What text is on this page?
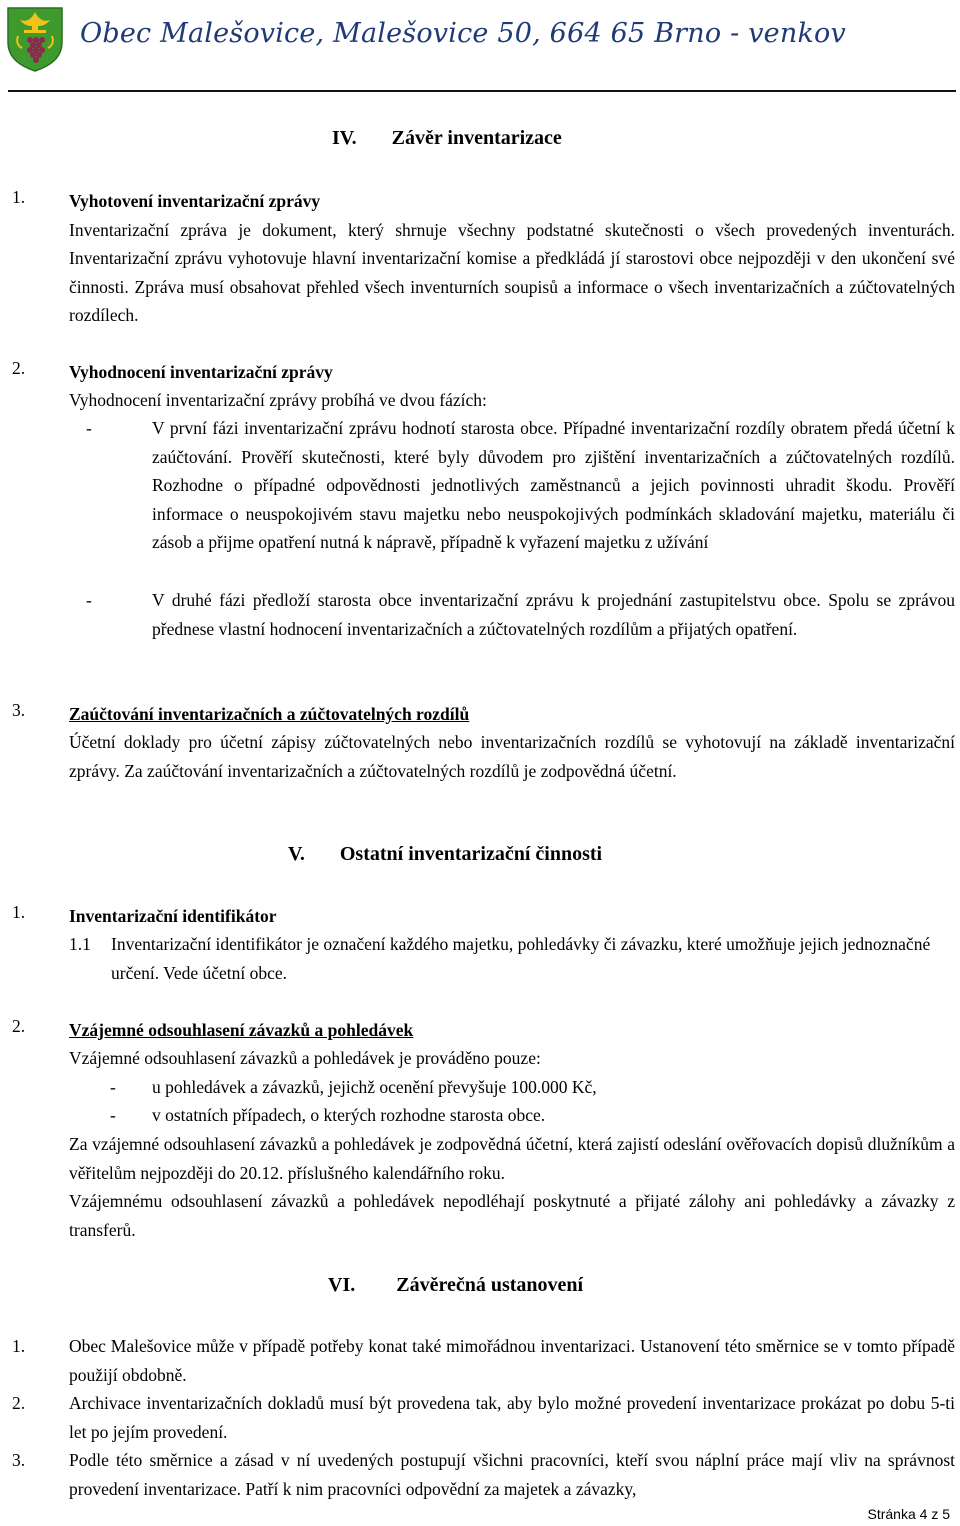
Obec Malešovice, Malešovice 50, 664 65 Brno - venkov
IV. Závěr inventarizace
1.	Vyhotovení inventarizační zprávy
Inventarizační zpráva je dokument, který shrnuje všechny podstatné skutečnosti o všech provedených inventurách. Inventarizační zprávu vyhotovuje hlavní inventarizační komise a předkládá jí starostovi obce nejpozději v den ukončení své činnosti. Zpráva musí obsahovat přehled všech inventurních soupisů a informace o všech inventarizačních a zúčtovatelných rozdílech.
2.	Vyhodnocení inventarizační zprávy
Vyhodnocení inventarizační zprávy probíhá ve dvou fázích:
-	V první fázi inventarizační zprávu hodnotí starosta obce. Případné inventarizační rozdíly obratem předá účetní k zaúčtování. Prověří skutečnosti, které byly důvodem pro zjištění inventarizačních a zúčtovatelných rozdílů. Rozhodne o případné odpovědnosti jednotlivých zaměstnanců a jejich povinnosti uhradit škodu. Prověří informace o neuspokojivém stavu majetku nebo neuspokojivých podmínkách skladování majetku, materiálu či zásob a přijme opatření nutná k nápravě, případně k vyřazení majetku z užívání
-	V druhé fázi předloží starosta obce inventarizační zprávu k projednání zastupitelstvu obce. Spolu se zprávou přednese vlastní hodnocení inventarizačních a zúčtovatelných rozdílům a přijatých opatření.
3.	Zaúčtování inventarizačních a zúčtovatelných rozdílů
Účetní doklady pro účetní zápisy zúčtovatelných nebo inventarizačních rozdílů se vyhotovují na základě inventarizační zprávy. Za zaúčtování inventarizačních a zúčtovatelných rozdílů je zodpovědná účetní.
V. Ostatní inventarizační činnosti
1.	Inventarizační identifikátor
1.1 Inventarizační identifikátor je označení každého majetku, pohledávky či závazku, které umožňuje jejich jednoznačné určení. Vede účetní obce.
2.	Vzájemné odsouhlasení závazků a pohledávek
Vzájemné odsouhlasení závazků a pohledávek je prováděno pouze:
- u pohledávek a závazků, jejichž ocenění převyšuje 100.000 Kč,
- v ostatních případech, o kterých rozhodne starosta obce.
Za vzájemné odsouhlasení závazků a pohledávek je zodpovědná účetní, která zajistí odeslání ověřovacích dopisů dlužníkům a věřitelům nejpozději do 20.12. příslušného kalendářního roku.
Vzájemnému odsouhlasení závazků a pohledávek nepodléhají poskytnuté a přijaté zálohy ani pohledávky a závazky z transferů.
VI. Závěrečná ustanovení
1.	Obec Malešovice může v případě potřeby konat také mimořádnou inventarizaci. Ustanovení této směrnice se v tomto případě použijí obdobně.
2.	Archivace inventarizačních dokladů musí být provedena tak, aby bylo možné provedení inventarizace prokázat po dobu 5-ti let po jejím provedení.
3.	Podle této směrnice a zásad v ní uvedených postupují všichni pracovníci, kteří svou náplní práce mají vliv na správnost provedení inventarizace. Patří k nim pracovníci odpovědní za majetek a závazky,
Stránka 4 z 5
